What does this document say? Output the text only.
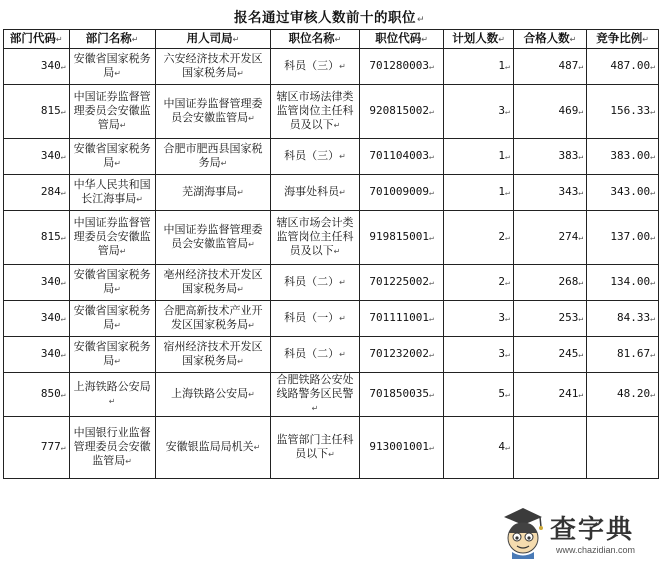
报名通过审核人数前十的职位↵
部门代码↵	部门名称↵	用人司局↵	职位名称↵	职位代码↵	计划人数↵	合格人数↵	竞争比例↵
340↵	安徽省国家税务局↵	六安经济技术开发区国家税务局↵	科员（三）↵	701280003↵	1↵	487↵	487.00↵
815↵	中国证券监督管理委员会安徽监管局↵	中国证券监督管理委员会安徽监管局↵	辖区市场法律类监管岗位主任科员及以下↵	920815002↵	3↵	469↵	156.33↵
340↵	安徽省国家税务局↵	合肥市肥西县国家税务局↵	科员（三）↵	701104003↵	1↵	383↵	383.00↵
284↵	中华人民共和国长江海事局↵	芜湖海事局↵	海事处科员↵	701009009↵	1↵	343↵	343.00↵
815↵	中国证券监督管理委员会安徽监管局↵	中国证券监督管理委员会安徽监管局↵	辖区市场会计类监管岗位主任科员及以下↵	919815001↵	2↵	274↵	137.00↵
340↵	安徽省国家税务局↵	亳州经济技术开发区国家税务局↵	科员（二）↵	701225002↵	2↵	268↵	134.00↵
340↵	安徽省国家税务局↵	合肥高新技术产业开发区国家税务局↵	科员（一）↵	701111001↵	3↵	253↵	84.33↵
340↵	安徽省国家税务局↵	宿州经济技术开发区国家税务局↵	科员（二）↵	701232002↵	3↵	245↵	81.67↵
850↵	上海铁路公安局↵	上海铁路公安局↵	合肥铁路公安处线路警务区民警↵	701850035↵	5↵	241↵	48.20↵
777↵	中国银行业监督管理委员会安徽监管局↵	安徽银监局局机关↵	监管部门主任科员以下↵	913001001↵	4↵		
查字典
www.chazidian.com
